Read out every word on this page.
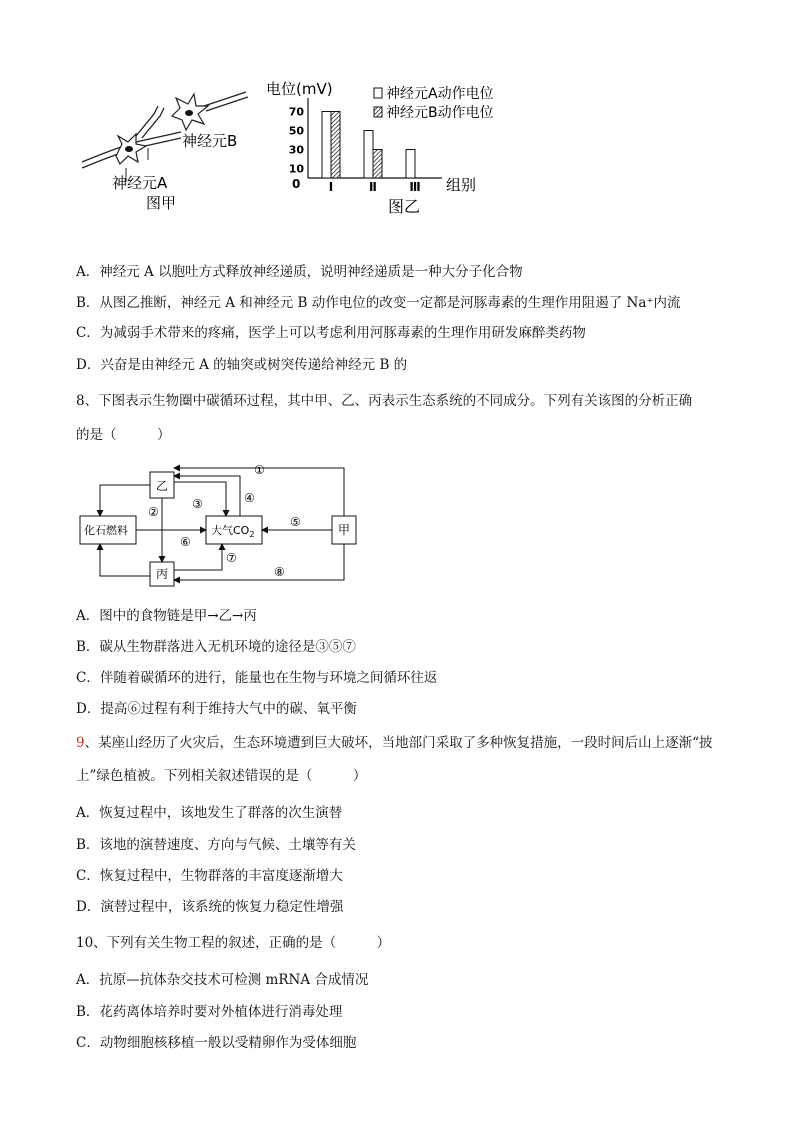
神经元B
神经元A
图甲
电位(mV)
组别
0
图乙
10
30
50
70
Ⅰ	Ⅱ	Ⅲ
神经元A动作电位
神经元B动作电位
A．神经元 A 以胞吐方式释放神经递质，说明神经递质是一种大分子化合物
B．从图乙推断，神经元 A 和神经元 B 动作电位的改变一定都是河豚毒素的生理作用阻遏了 Na⁺内流
C．为减弱手术带来的疼痛，医学上可以考虑利用河豚毒素的生理作用研发麻醉类药物
D．兴奋是由神经元 A 的轴突或树突传递给神经元 B 的
8、下图表示生物圈中碳循环过程，其中甲、乙、丙表示生态系统的不同成分。下列有关该图的分析正确
的是（　　　）
乙
化石燃料	大气$CO_2$	甲
丙
①
②
③	④
⑤
⑥
⑦
⑧
A．图中的食物链是甲→乙→丙
B．碳从生物群落进入无机环境的途径是③⑤⑦
C．伴随着碳循环的进行，能量也在生物与环境之间循环往返
D．提高⑥过程有利于维持大气中的碳、氧平衡
9、某座山经历了火灾后，生态环境遭到巨大破坏，当地部门采取了多种恢复措施，一段时间后山上逐渐“披
上”绿色植被。下列相关叙述错误的是（　　　）
A．恢复过程中，该地发生了群落的次生演替
B．该地的演替速度、方向与气候、土壤等有关
C．恢复过程中，生物群落的丰富度逐渐增大
D．演替过程中，该系统的恢复力稳定性增强
10、下列有关生物工程的叙述，正确的是（　　　）
A．抗原—抗体杂交技术可检测 mRNA 合成情况
B．花药离体培养时要对外植体进行消毒处理
C．动物细胞核移植一般以受精卵作为受体细胞
